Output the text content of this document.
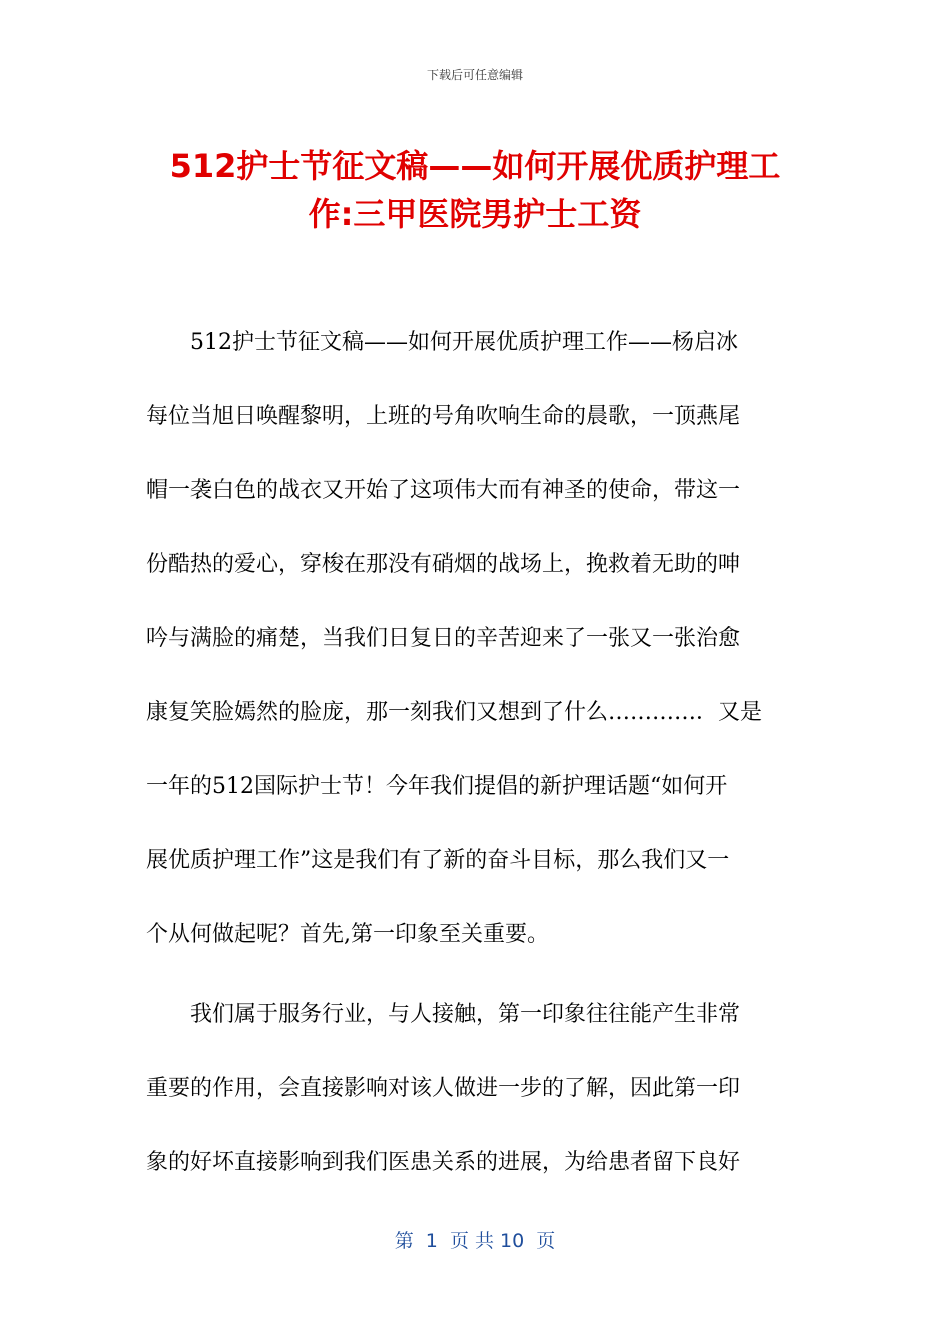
下载后可任意编辑
512护士节征文稿——如何开展优质护理工
作:三甲医院男护士工资
512护士节征文稿——如何开展优质护理工作——杨启冰
每位当旭日唤醒黎明，上班的号角吹响生命的晨歌，一顶燕尾
帽一袭白色的战衣又开始了这项伟大而有神圣的使命，带这一
份酷热的爱心，穿梭在那没有硝烟的战场上，挽救着无助的呻
吟与满脸的痛楚，当我们日复日的辛苦迎来了一张又一张治愈
康复笑脸嫣然的脸庞，那一刻我们又想到了什么…………．又是
一年的512国际护士节！今年我们提倡的新护理话题“如何开
展优质护理工作”这是我们有了新的奋斗目标，那么我们又一
个从何做起呢？首先,第一印象至关重要。
我们属于服务行业，与人接触，第一印象往往能产生非常
重要的作用，会直接影响对该人做进一步的了解，因此第一印
象的好坏直接影响到我们医患关系的进展，为给患者留下良好
第  1  页 共 10  页
